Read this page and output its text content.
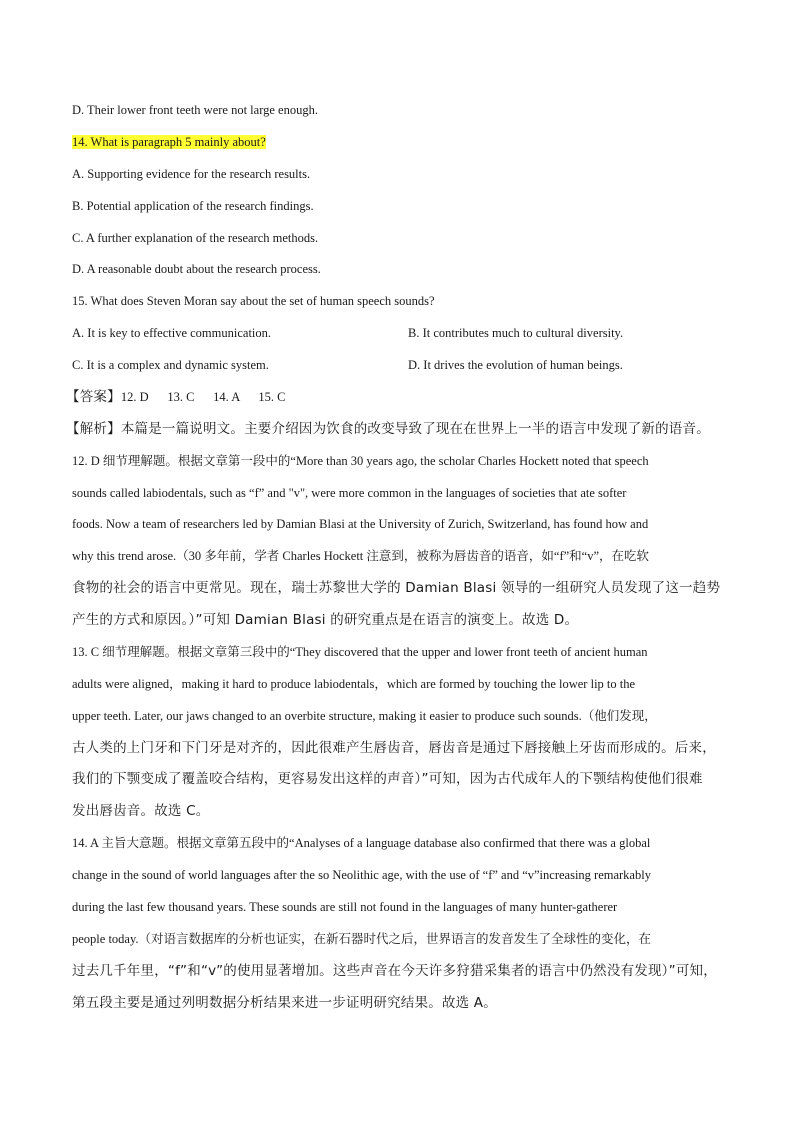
D. Their lower front teeth were not large enough.
14. What is paragraph 5 mainly about?
A. Supporting evidence for the research results.
B. Potential application of the research findings.
C. A further explanation of the research methods.
D. A reasonable doubt about the research process.
15. What does Steven Moran say about the set of human speech sounds?
A. It is key to effective communication.	B. It contributes much to cultural diversity.
C. It is a complex and dynamic system.	D. It drives the evolution of human beings.
【答案】12. D      13. C      14. A      15. C
【解析】本篇是一篇说明文。主要介绍因为饮食的改变导致了现在在世界上一半的语言中发现了新的语音。
12. D 细节理解题。根据文章第一段中的“More than 30 years ago, the scholar Charles Hockett noted that speech
sounds called labiodentals, such as “f” and "v", were more common in the languages of societies that ate softer
foods. Now a team of researchers led by Damian Blasi at the University of Zurich, Switzerland, has found how and
why this trend arose.（30 多年前，学者 Charles Hockett 注意到，被称为唇齿音的语音，如“f”和“v”，在吃软
食物的社会的语言中更常见。现在，瑞士苏黎世大学的 Damian Blasi 领导的一组研究人员发现了这一趋势
产生的方式和原因。）”可知 Damian Blasi 的研究重点是在语言的演变上。故选 D。
13. C 细节理解题。根据文章第三段中的“They discovered that the upper and lower front teeth of ancient human
adults were aligned，making it hard to produce labiodentals，which are formed by touching the lower lip to the
upper teeth. Later, our jaws changed to an overbite structure, making it easier to produce such sounds.（他们发现，
古人类的上门牙和下门牙是对齐的，因此很难产生唇齿音，唇齿音是通过下唇接触上牙齿而形成的。后来，
我们的下颚变成了覆盖咬合结构，更容易发出这样的声音）”可知，因为古代成年人的下颚结构使他们很难
发出唇齿音。故选 C。
14. A 主旨大意题。根据文章第五段中的“Analyses of a language database also confirmed that there was a global
change in the sound of world languages after the so Neolithic age, with the use of “f” and “v”increasing remarkably
during the last few thousand years. These sounds are still not found in the languages of many hunter-gatherer
people today.（对语言数据库的分析也证实，在新石器时代之后，世界语言的发音发生了全球性的变化，在
过去几千年里，“f”和“v”的使用显著增加。这些声音在今天许多狩猎采集者的语言中仍然没有发现）”可知，
第五段主要是通过列明数据分析结果来进一步证明研究结果。故选 A。
